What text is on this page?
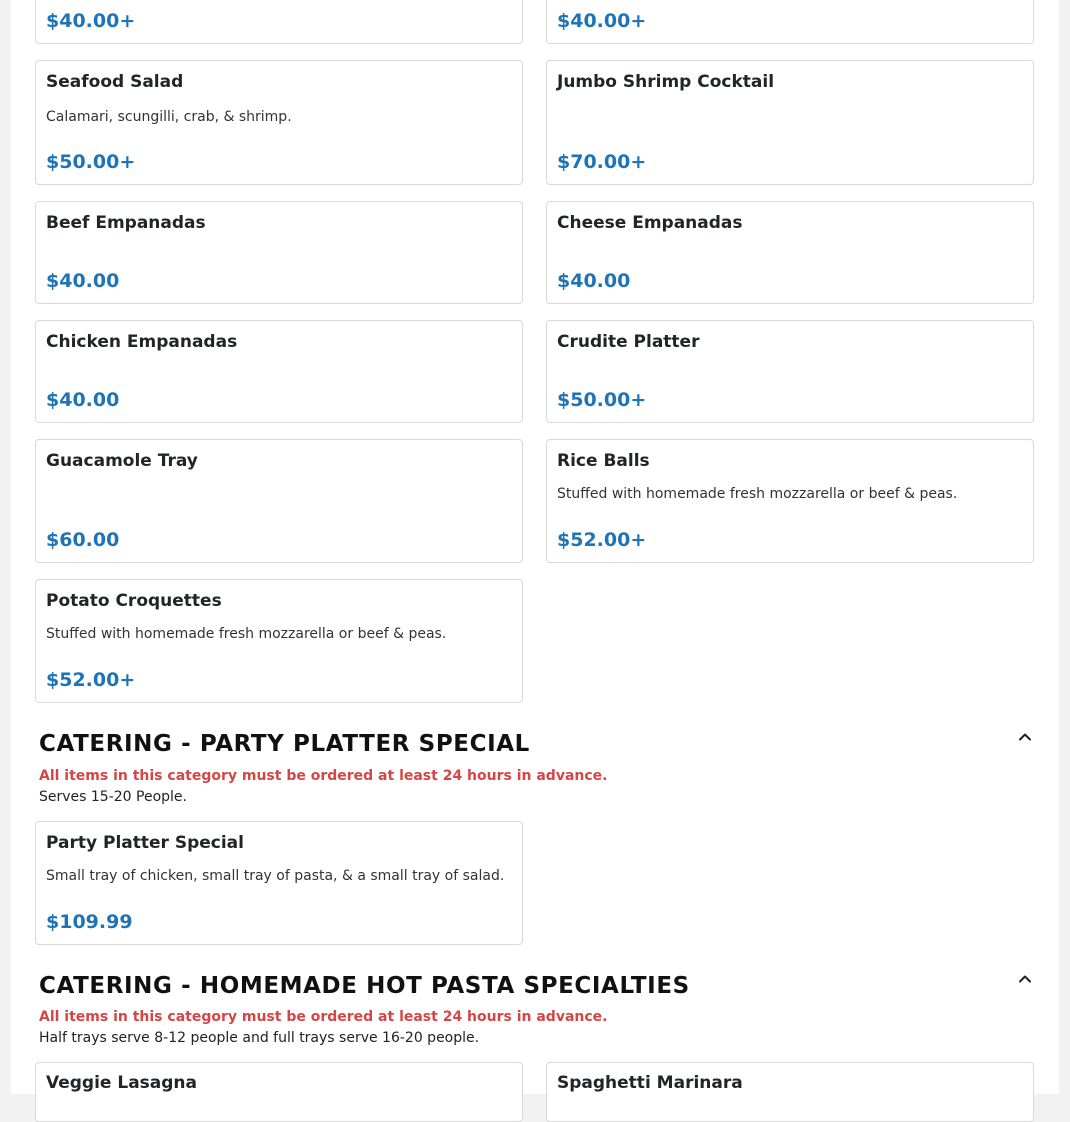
$40.00+	$40.00+
Seafood Salad
Calamari, scungilli, crab, & shrimp.
$50.00+
Jumbo Shrimp Cocktail
$70.00+
Beef Empanadas
$40.00
Cheese Empanadas
$40.00
Chicken Empanadas
$40.00
Crudite Platter
$50.00+
Guacamole Tray
$60.00
Rice Balls
Stuffed with homemade fresh mozzarella or beef & peas.
$52.00+
Potato Croquettes
Stuffed with homemade fresh mozzarella or beef & peas.
$52.00+
CATERING - PARTY PLATTER SPECIAL
All items in this category must be ordered at least 24 hours in advance.
Serves 15-20 People.
Party Platter Special
Small tray of chicken, small tray of pasta, & a small tray of salad.
$109.99
CATERING - HOMEMADE HOT PASTA SPECIALTIES
All items in this category must be ordered at least 24 hours in advance.
Half trays serve 8-12 people and full trays serve 16-20 people.
Veggie Lasagna	Spaghetti Marinara
